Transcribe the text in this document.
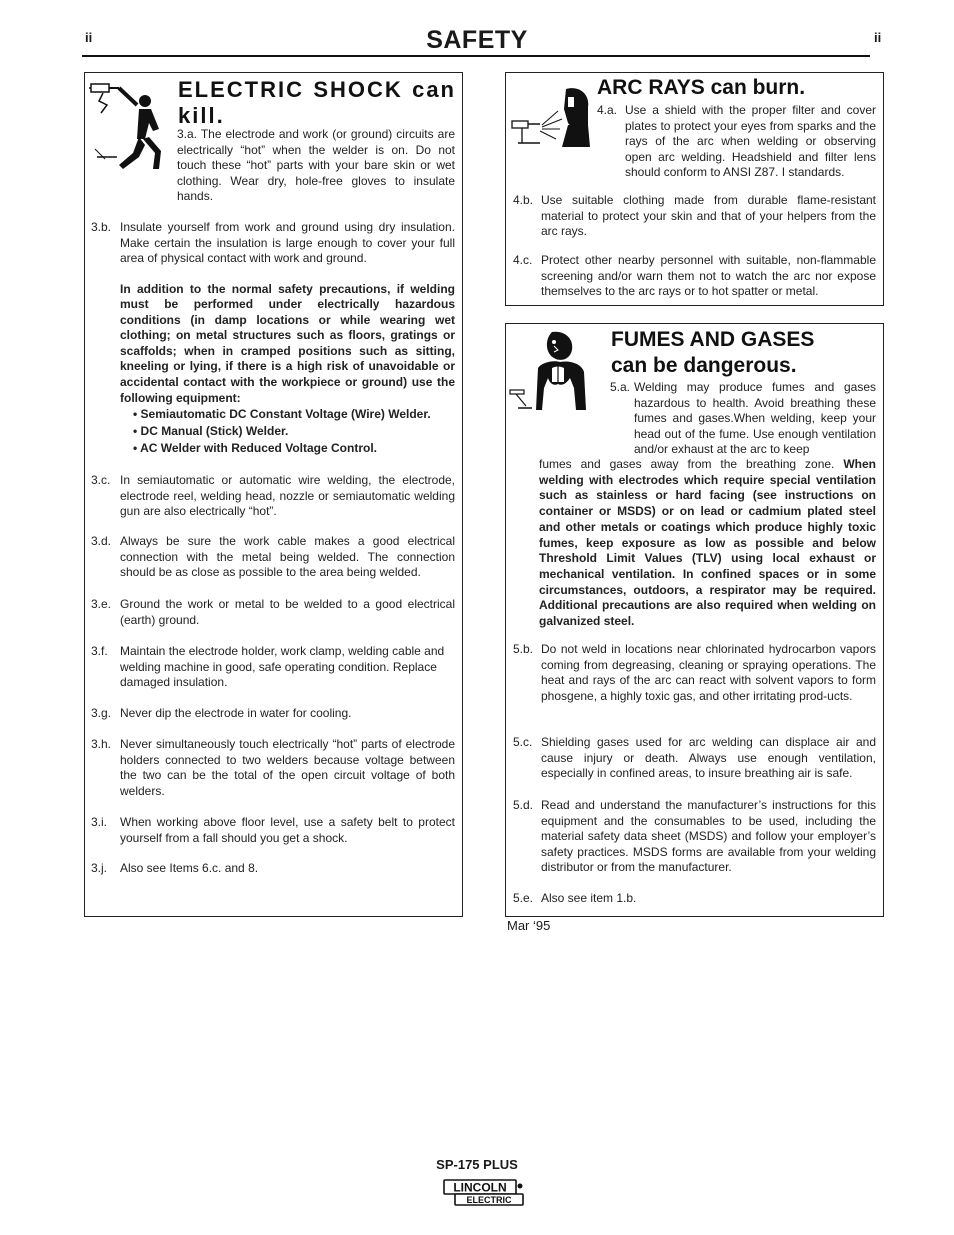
ii	SAFETY	ii
ELECTRIC SHOCK can kill.
3.a. The electrode and work (or ground) circuits are electrically “hot” when the welder is on. Do not touch these “hot” parts with your bare skin or wet clothing. Wear dry, hole-free gloves to insulate hands.
3.b. Insulate yourself from work and ground using dry insulation. Make certain the insulation is large enough to cover your full area of physical contact with work and ground.
In addition to the normal safety precautions, if welding must be performed under electrically hazardous conditions (in damp locations or while wearing wet clothing; on metal structures such as floors, gratings or scaffolds; when in cramped positions such as sitting, kneeling or lying, if there is a high risk of unavoidable or accidental contact with the workpiece or ground) use the following equipment:
• Semiautomatic DC Constant Voltage (Wire) Welder.
• DC Manual (Stick) Welder.
• AC Welder with Reduced Voltage Control.
3.c. In semiautomatic or automatic wire welding, the electrode, electrode reel, welding head, nozzle or semiautomatic welding gun are also electrically “hot”.
3.d. Always be sure the work cable makes a good electrical connection with the metal being welded. The connection should be as close as possible to the area being welded.
3.e. Ground the work or metal to be welded to a good electrical (earth) ground.
3.f. Maintain the electrode holder, work clamp, welding cable and welding machine in good, safe operating condition. Replace damaged insulation.
3.g. Never dip the electrode in water for cooling.
3.h. Never simultaneously touch electrically “hot” parts of electrode holders connected to two welders because voltage between the two can be the total of the open circuit voltage of both welders.
3.i. When working above floor level, use a safety belt to protect yourself from a fall should you get a shock.
3.j. Also see Items 6.c. and 8.
ARC RAYS can burn.
4.a. Use a shield with the proper filter and cover plates to protect your eyes from sparks and the rays of the arc when welding or observing open arc welding. Headshield and filter lens should conform to ANSI Z87. I standards.
4.b. Use suitable clothing made from durable flame-resistant material to protect your skin and that of your helpers from the arc rays.
4.c. Protect other nearby personnel with suitable, non-flammable screening and/or warn them not to watch the arc nor expose themselves to the arc rays or to hot spatter or metal.
FUMES AND GASES
can be dangerous.
5.a. Welding may produce fumes and gases hazardous to health. Avoid breathing these fumes and gases.When welding, keep your head out of the fume. Use enough ventilation and/or exhaust at the arc to keep
fumes and gases away from the breathing zone. When welding with electrodes which require special ventilation such as stainless or hard facing (see instructions on container or MSDS) or on lead or cadmium plated steel and other metals or coatings which produce highly toxic fumes, keep exposure as low as possible and below Threshold Limit Values (TLV) using local exhaust or mechanical ventilation. In confined spaces or in some circumstances, outdoors, a respirator may be required. Additional precautions are also required when welding on galvanized steel.
5.b. Do not weld in locations near chlorinated hydrocarbon vapors coming from degreasing, cleaning or spraying operations. The heat and rays of the arc can react with solvent vapors to form phosgene, a highly toxic gas, and other irritating prod-ucts.
5.c. Shielding gases used for arc welding can displace air and cause injury or death. Always use enough ventilation, especially in confined areas, to insure breathing air is safe.
5.d. Read and understand the manufacturer’s instructions for this equipment and the consumables to be used, including the material safety data sheet (MSDS) and follow your employer’s safety practices. MSDS forms are available from your welding distributor or from the manufacturer.
5.e. Also see item 1.b.
Mar ‘95
SP-175 PLUS
LINCOLN
ELECTRIC
